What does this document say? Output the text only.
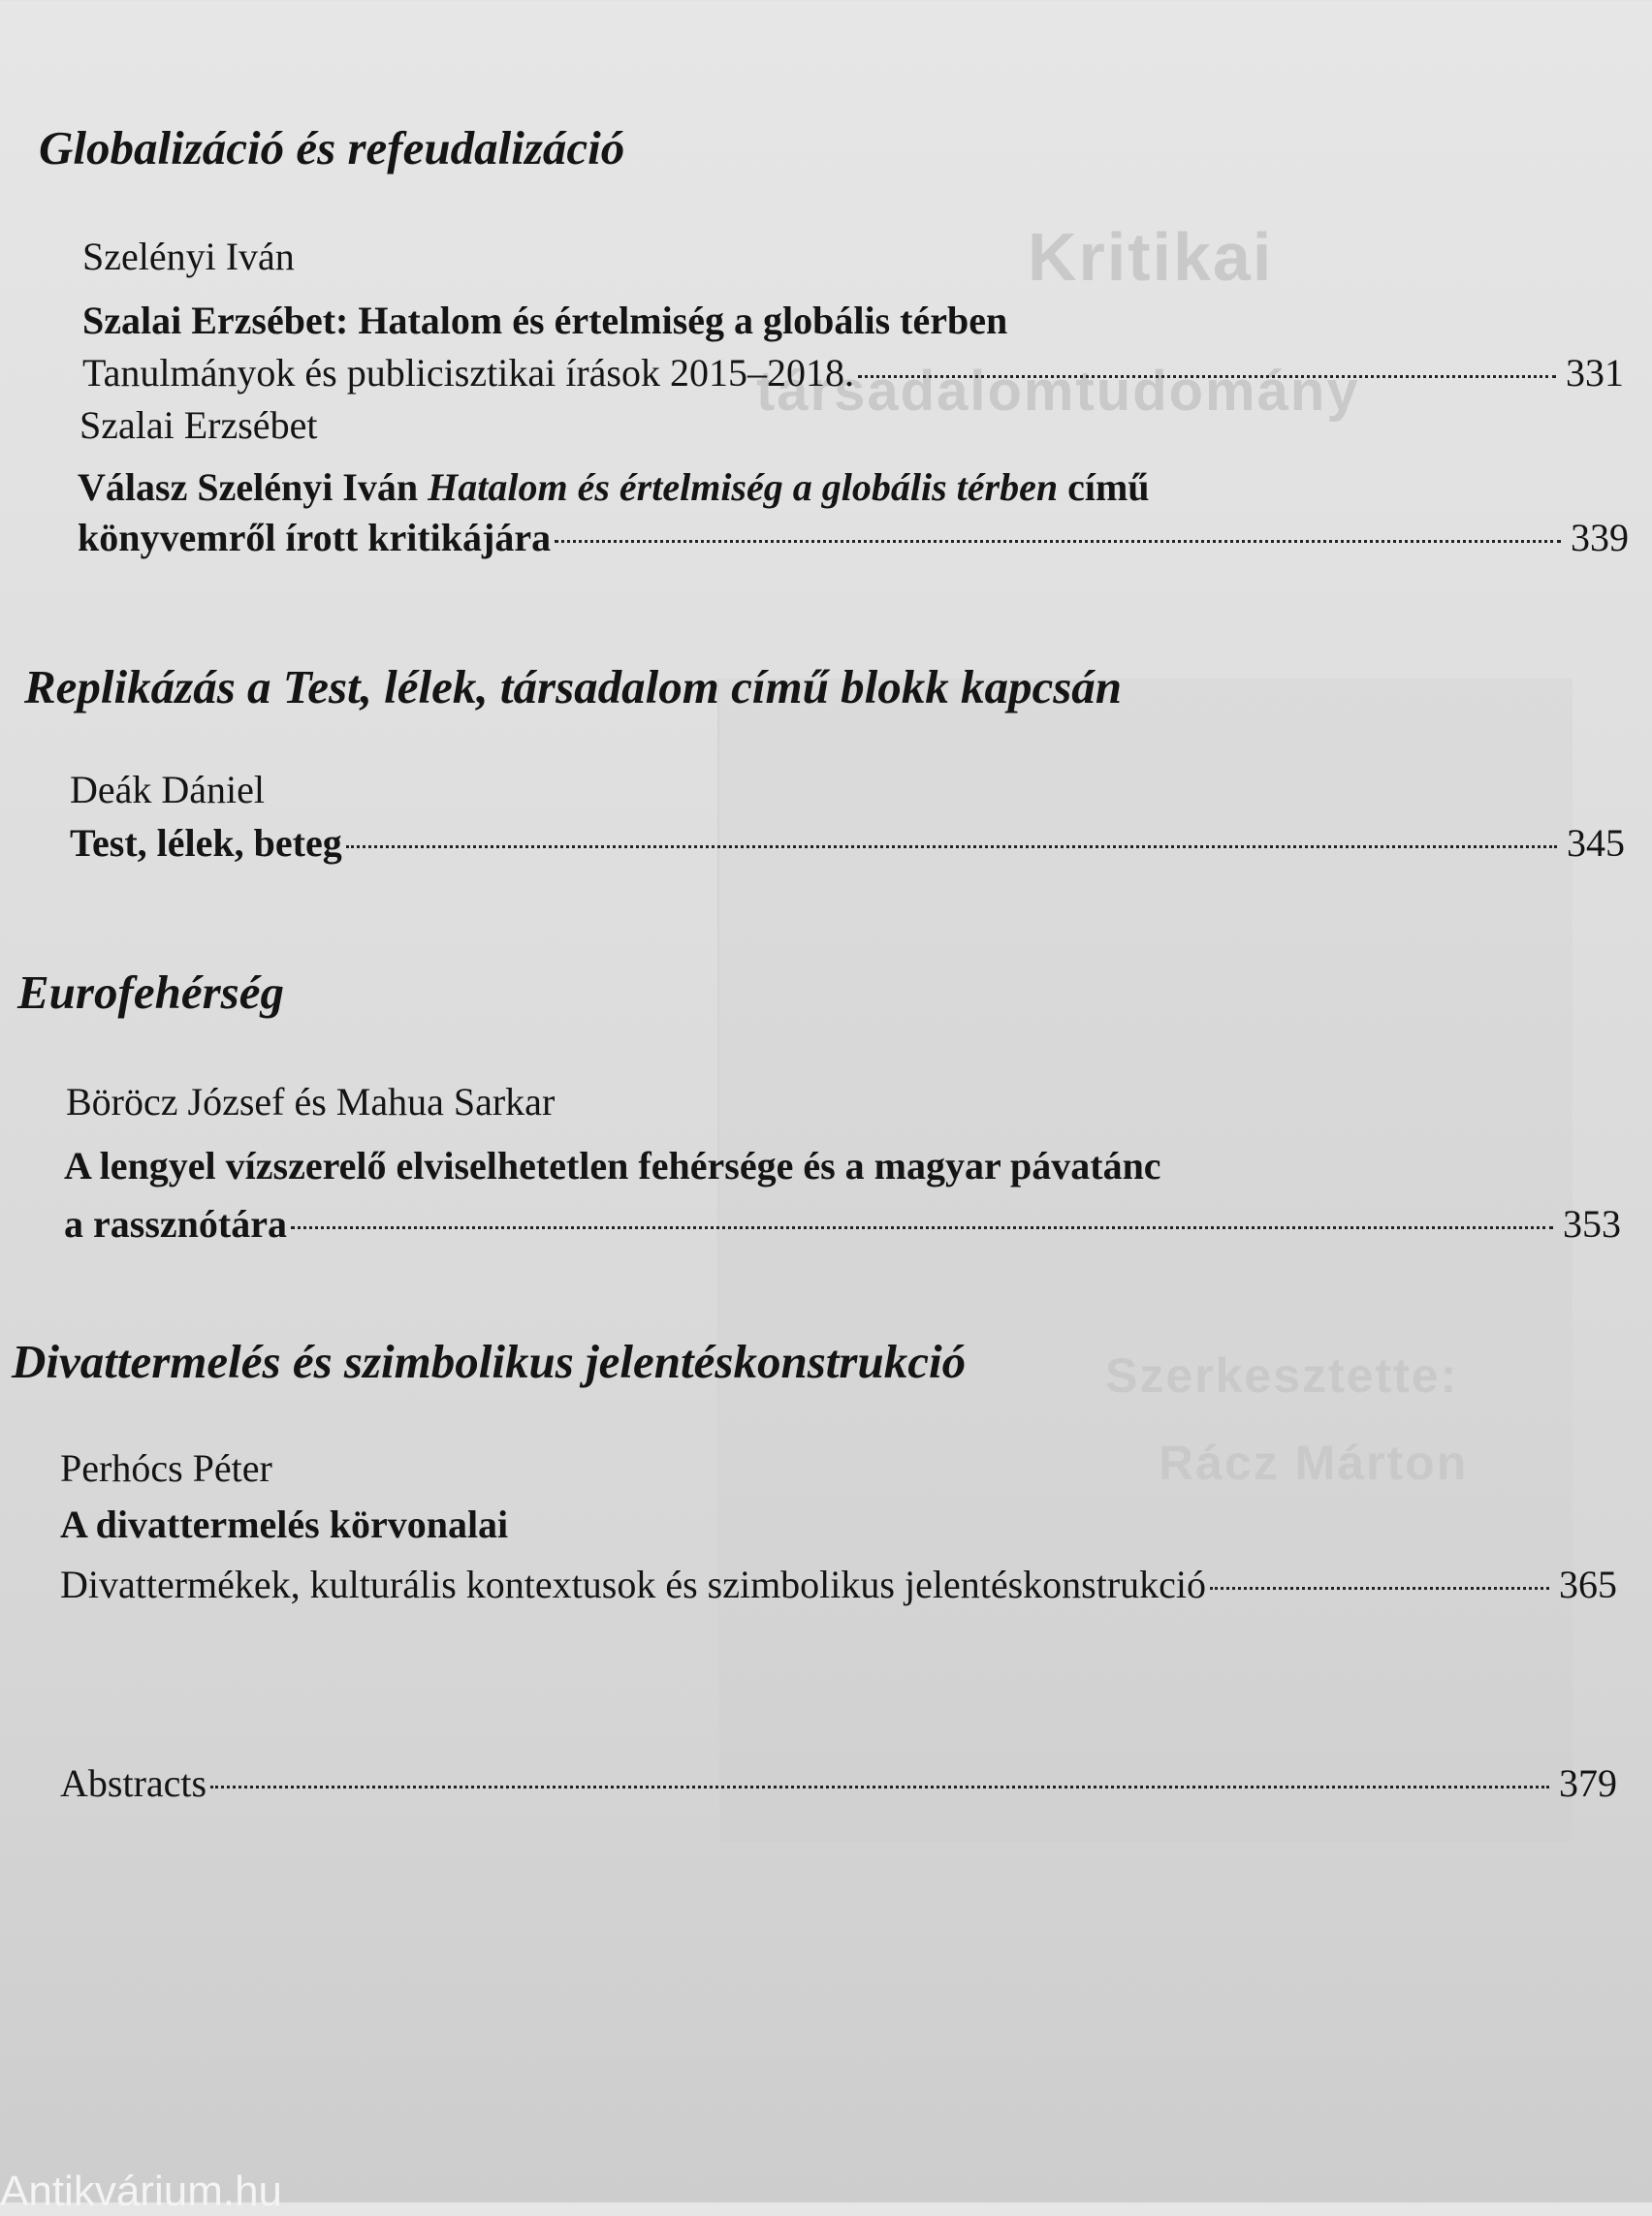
Kritikai
társadalomtudomány
Szerkesztette:
Rácz Márton
Globalizáció és refeudalizáció
Szelényi Iván
Szalai Erzsébet: Hatalom és értelmiség a globális térben
Tanulmányok és publicisztikai írások 2015–2018.	331
Szalai Erzsébet
Válasz Szelényi Iván Hatalom és értelmiség a globális térben című
könyvemről írott kritikájára	339
Replikázás a Test, lélek, társadalom című blokk kapcsán
Deák Dániel
Test, lélek, beteg	345
Eurofehérség
Böröcz József és Mahua Sarkar
A lengyel vízszerelő elviselhetetlen fehérsége és a magyar pávatánc
a rassznótára	353
Divattermelés és szimbolikus jelentéskonstrukció
Perhócs Péter
A divattermelés körvonalai
Divattermékek, kulturális kontextusok és szimbolikus jelentéskonstrukció	365
Abstracts	379
Antikvárium.hu
